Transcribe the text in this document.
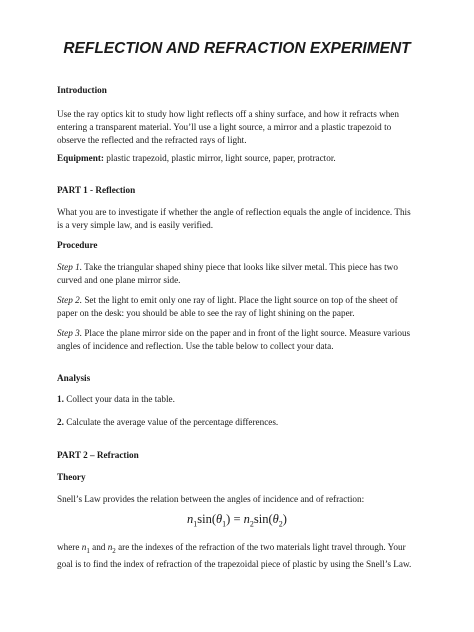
REFLECTION AND REFRACTION EXPERIMENT

Introduction

Use the ray optics kit to study how light reflects off a shiny surface, and how it refracts when entering a transparent material. You’ll use a light source, a mirror and a plastic trapezoid to observe the reflected and the refracted rays of light.

Equipment: plastic trapezoid, plastic mirror, light source, paper, protractor.

PART 1 - Reflection

What you are to investigate if whether the angle of reflection equals the angle of incidence. This is a very simple law, and is easily verified.

Procedure

Step 1. Take the triangular shaped shiny piece that looks like silver metal. This piece has two curved and one plane mirror side.

Step 2. Set the light to emit only one ray of light. Place the light source on top of the sheet of paper on the desk: you should be able to see the ray of light shining on the paper.

Step 3. Place the plane mirror side on the paper and in front of the light source. Measure various angles of incidence and reflection. Use the table below to collect your data.

Analysis

1. Collect your data in the table.

2. Calculate the average value of the percentage differences.

PART 2 – Refraction

Theory

Snell’s Law provides the relation between the angles of incidence and of refraction:

$n_1\sin(\theta_1) = n_2\sin(\theta_2)$

where $n_1$ and $n_2$ are the indexes of the refraction of the two materials light travel through. Your goal is to find the index of refraction of the trapezoidal piece of plastic by using the Snell’s Law.
